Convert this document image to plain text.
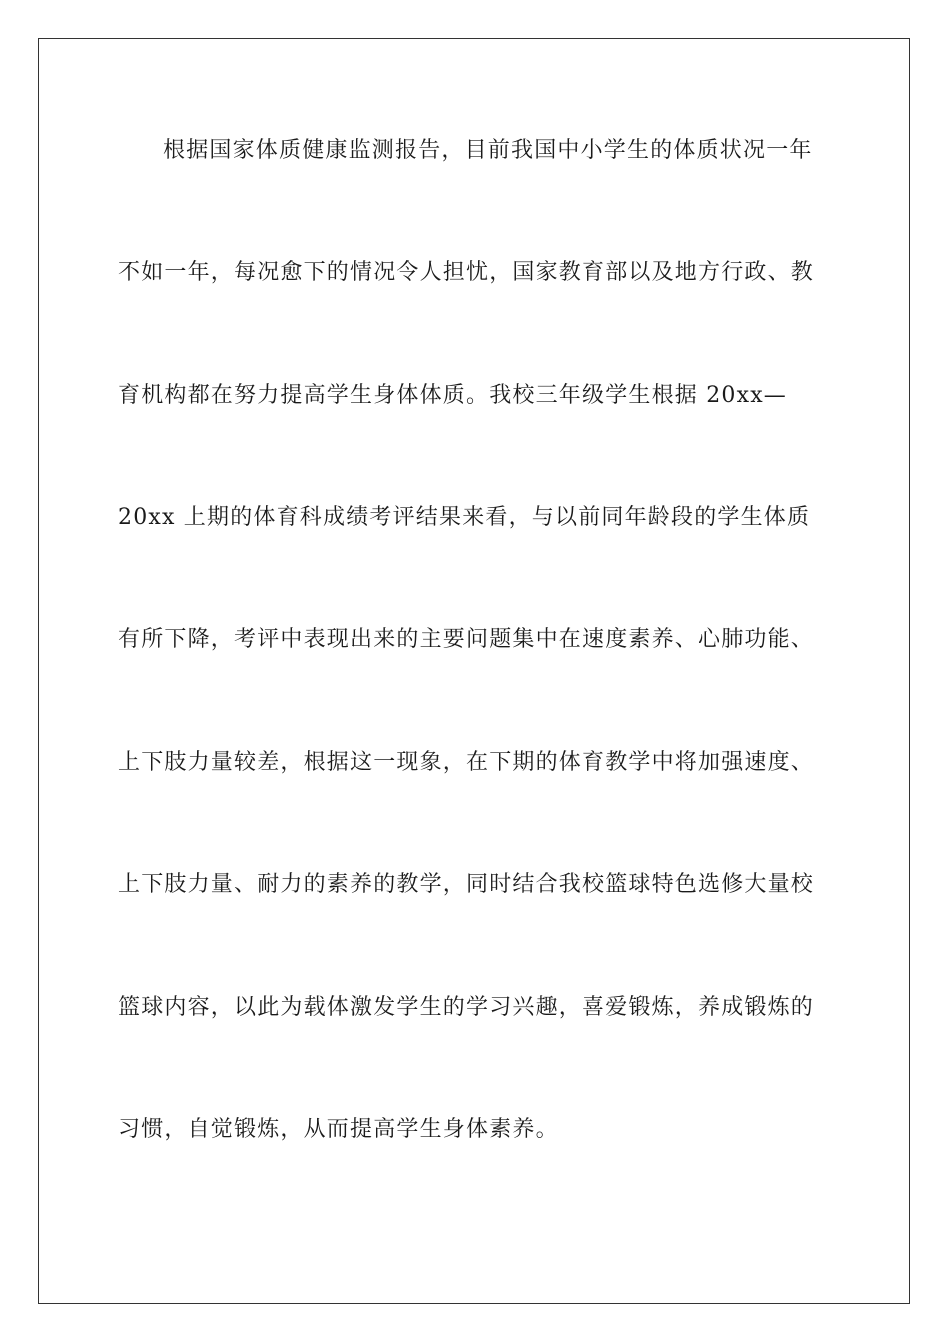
根据国家体质健康监测报告，目前我国中小学生的体质状况一年
不如一年，每况愈下的情况令人担忧，国家教育部以及地方行政、教
育机构都在努力提高学生身体体质。我校三年级学生根据 20xx—
20xx 上期的体育科成绩考评结果来看，与以前同年龄段的学生体质
有所下降，考评中表现出来的主要问题集中在速度素养、心肺功能、
上下肢力量较差，根据这一现象，在下期的体育教学中将加强速度、
上下肢力量、耐力的素养的教学，同时结合我校篮球特色选修大量校
篮球内容，以此为载体激发学生的学习兴趣，喜爱锻炼，养成锻炼的
习惯，自觉锻炼，从而提高学生身体素养。
